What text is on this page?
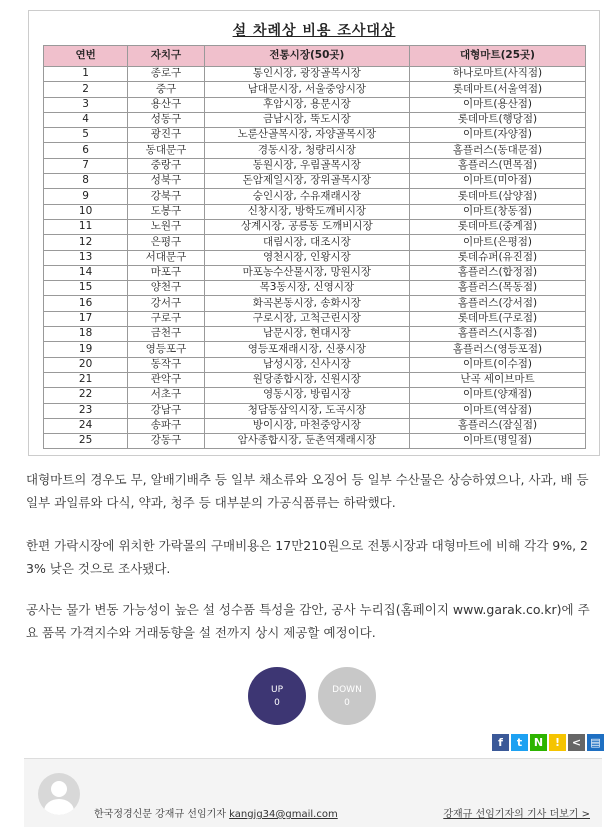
설 차례상 비용 조사대상
연번	자치구	전통시장(50곳)	대형마트(25곳)
1	종로구	통인시장, 광장골목시장	하나로마트(사직점)
2	중구	남대문시장, 서울중앙시장	롯데마트(서울역점)
3	용산구	후암시장, 용문시장	이마트(용산점)
4	성동구	금남시장, 뚝도시장	롯데마트(행당점)
5	광진구	노룬산골목시장, 자양골목시장	이마트(자양점)
6	동대문구	경동시장, 청량리시장	홈플러스(동대문점)
7	중랑구	동원시장, 우림골목시장	홈플러스(면목점)
8	성북구	돈암제일시장, 장위골목시장	이마트(미아점)
9	강북구	숭인시장, 수유재래시장	롯데마트(삼양점)
10	도봉구	신창시장, 방학도깨비시장	이마트(창동점)
11	노원구	상계시장, 공릉동 도깨비시장	롯데마트(중계점)
12	은평구	대림시장, 대조시장	이마트(은평점)
13	서대문구	영천시장, 인왕시장	롯데슈퍼(유진점)
14	마포구	마포농수산물시장, 망원시장	홈플러스(합정점)
15	양천구	목3동시장, 신영시장	홈플러스(목동점)
16	강서구	화곡본동시장, 송화시장	홈플러스(강서점)
17	구로구	구로시장, 고척근린시장	롯데마트(구로점)
18	금천구	남문시장, 현대시장	홈플러스(시흥점)
19	영등포구	영등포재래시장, 신풍시장	홈플러스(영등포점)
20	동작구	남성시장, 신사시장	이마트(이수점)
21	관악구	원당종합시장, 신원시장	난곡 세이브마트
22	서초구	영동시장, 방림시장	이마트(양재점)
23	강남구	청담동삼익시장, 도곡시장	이마트(역삼점)
24	송파구	방이시장, 마천중앙시장	홈플러스(잠실점)
25	강동구	암사종합시장, 둔촌역재래시장	이마트(명일점)

대형마트의 경우도 무, 알배기배추 등 일부 채소류와 오징어 등 일부 수산물은 상승하였으나, 사과, 배 등 일부 과일류와 다식, 약과, 청주 등 대부분의 가공식품류는 하락했다.

한편 가락시장에 위치한 가락몰의 구매비용은 17만210원으로 전통시장과 대형마트에 비해 각각 9%, 23% 낮은 것으로 조사됐다.

공사는 물가 변동 가능성이 높은 설 성수품 특성을 감안, 공사 누리집(홈페이지 www.garak.co.kr)에 주요 품목 가격지수와 거래동향을 설 전까지 상시 제공할 예정이다.

UP
0
DOWN
0
f	t	N	!	< ▤
한국정경신문 강재규 선임기자 kangjg34@gmail.com	강재규 선임기자의 기사 더보기 >
